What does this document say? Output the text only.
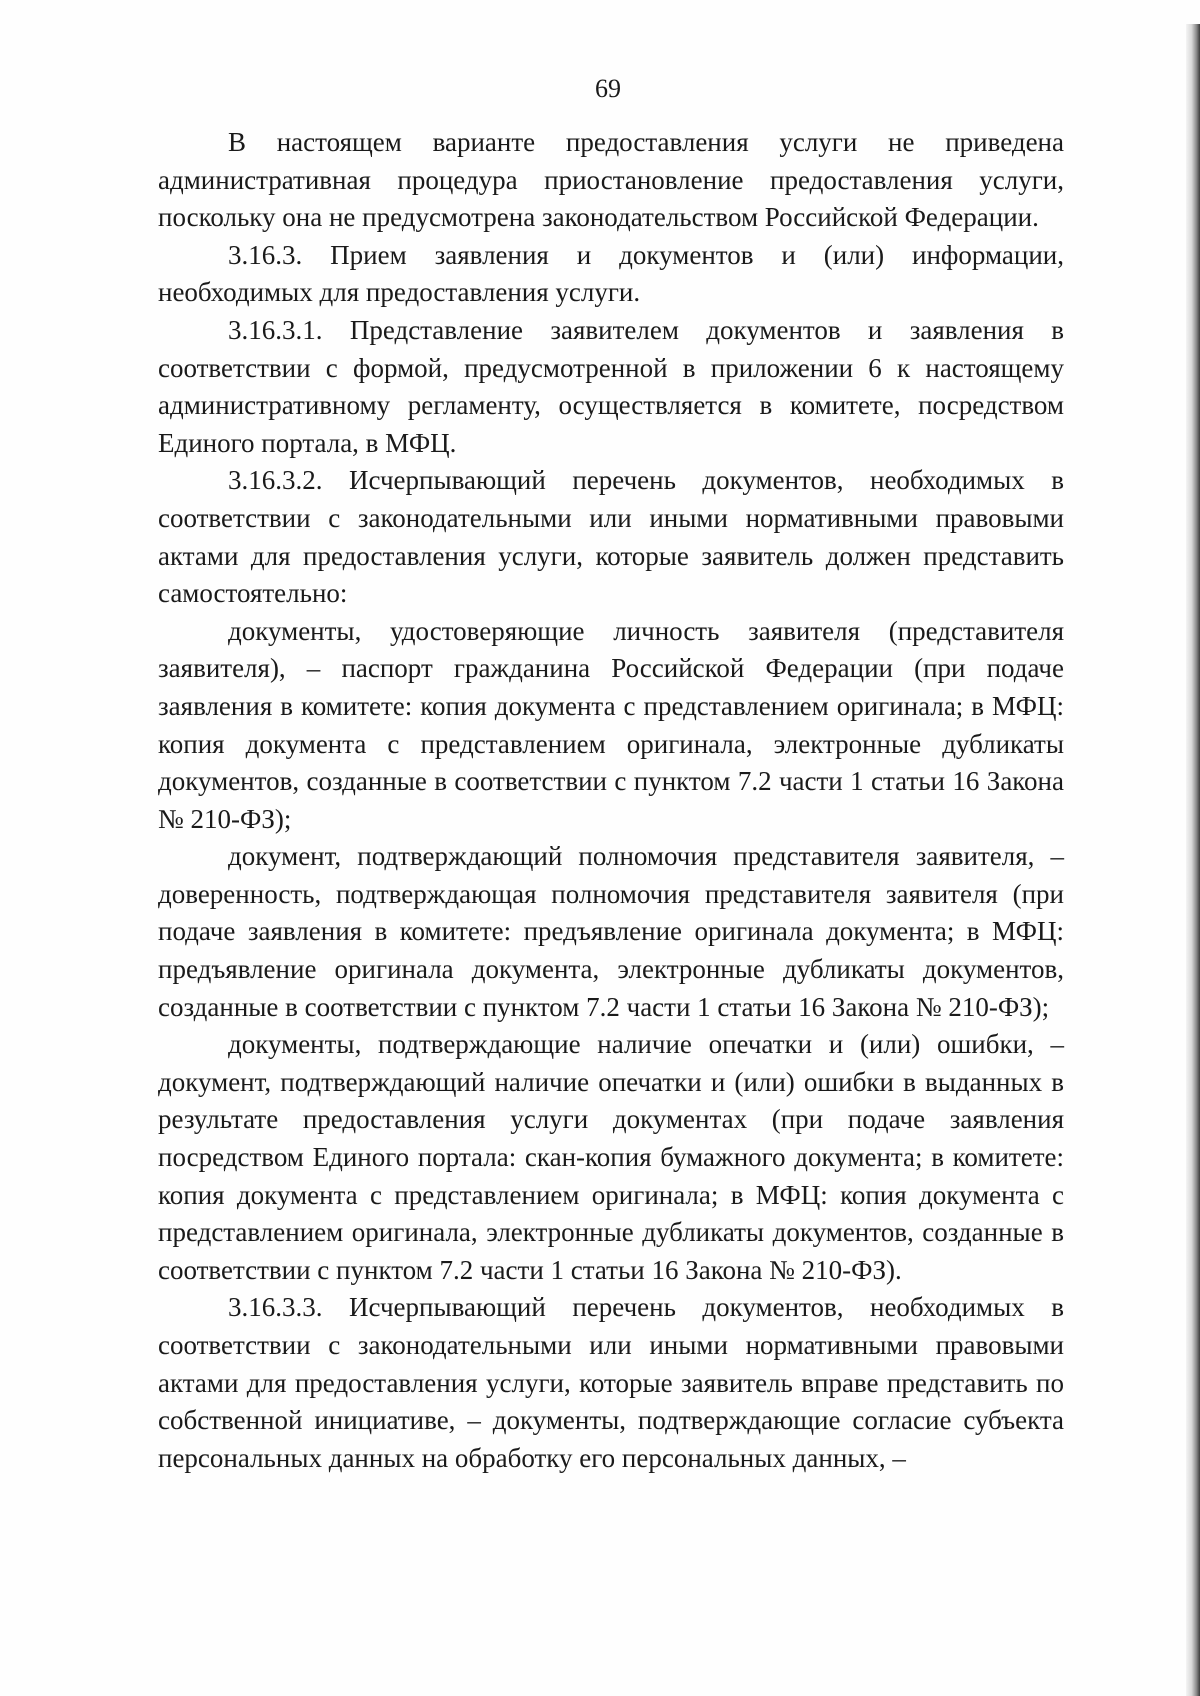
69

В настоящем варианте предоставления услуги не приведена административная процедура приостановление предоставления услуги, поскольку она не предусмотрена законодательством Российской Федерации.

3.16.3. Прием заявления и документов и (или) информации, необходимых для предоставления услуги.

3.16.3.1. Представление заявителем документов и заявления в соответствии с формой, предусмотренной в приложении 6 к настоящему административному регламенту, осуществляется в комитете, посредством Единого портала, в МФЦ.

3.16.3.2. Исчерпывающий перечень документов, необходимых в соответствии с законодательными или иными нормативными правовыми актами для предоставления услуги, которые заявитель должен представить самостоятельно:

документы, удостоверяющие личность заявителя (представителя заявителя), – паспорт гражданина Российской Федерации (при подаче заявления в комитете: копия документа с представлением оригинала; в МФЦ: копия документа с представлением оригинала, электронные дубликаты документов, созданные в соответствии с пунктом 7.2 части 1 статьи 16 Закона № 210-ФЗ);

документ, подтверждающий полномочия представителя заявителя, – доверенность, подтверждающая полномочия представителя заявителя (при подаче заявления в комитете: предъявление оригинала документа; в МФЦ: предъявление оригинала документа, электронные дубликаты документов, созданные в соответствии с пунктом 7.2 части 1 статьи 16 Закона № 210-ФЗ);

документы, подтверждающие наличие опечатки и (или) ошибки, – документ, подтверждающий наличие опечатки и (или) ошибки в выданных в результате предоставления услуги документах (при подаче заявления посредством Единого портала: скан-копия бумажного документа; в комитете: копия документа с представлением оригинала; в МФЦ: копия документа с представлением оригинала, электронные дубликаты документов, созданные в соответствии с пунктом 7.2 части 1 статьи 16 Закона № 210-ФЗ).

3.16.3.3. Исчерпывающий перечень документов, необходимых в соответствии с законодательными или иными нормативными правовыми актами для предоставления услуги, которые заявитель вправе представить по собственной инициативе, – документы, подтверждающие согласие субъекта персональных данных на обработку его персональных данных, –
